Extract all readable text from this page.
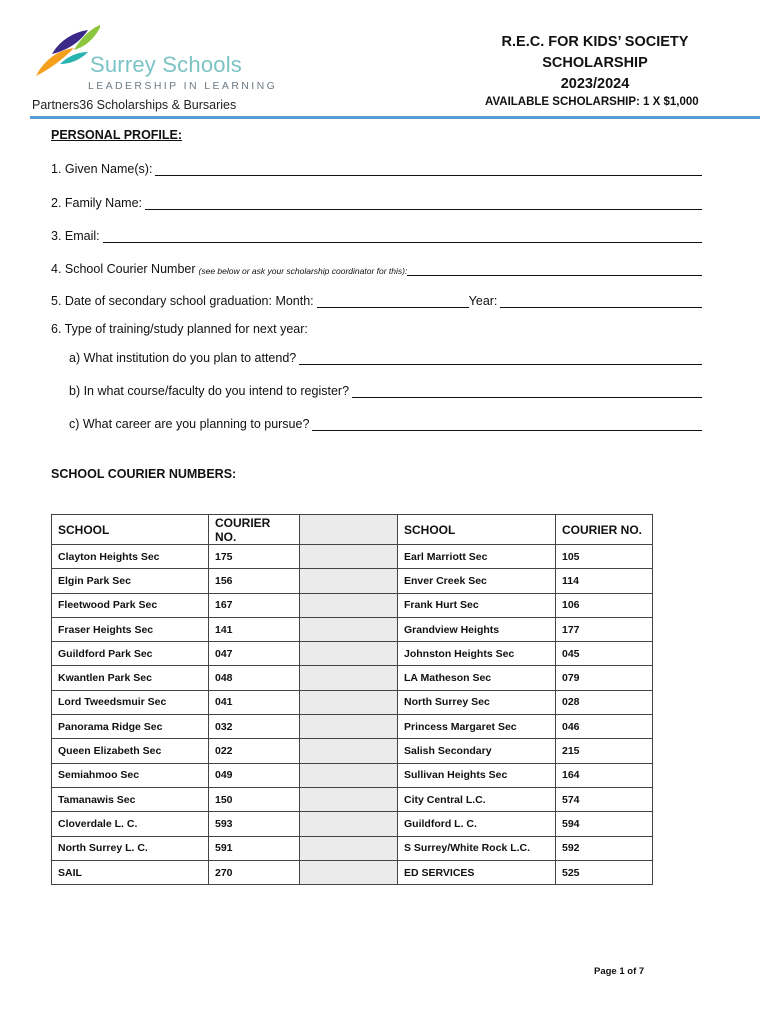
Surrey Schools
LEADERSHIP IN LEARNING
Partners36 Scholarships & Bursaries
R.E.C. FOR KIDS’ SOCIETY
SCHOLARSHIP
2023/2024
AVAILABLE SCHOLARSHIP: 1 X $1,000
PERSONAL PROFILE:
1. Given Name(s):
2. Family Name:
3. Email:
4. School Courier Number (see below or ask your scholarship coordinator for this):
5. Date of secondary school graduation: Month:	Year:
6. Type of training/study planned for next year:
a) What institution do you plan to attend?
b) In what course/faculty do you intend to register?
c) What career are you planning to pursue?
SCHOOL COURIER NUMBERS:
SCHOOL	COURIER NO.		SCHOOL	COURIER NO.
Clayton Heights Sec	175		Earl Marriott Sec	105
Elgin Park Sec	156		Enver Creek Sec	114
Fleetwood Park Sec	167		Frank Hurt Sec	106
Fraser Heights Sec	141		Grandview Heights	177
Guildford Park Sec	047		Johnston Heights Sec	045
Kwantlen Park Sec	048		LA Matheson Sec	079
Lord Tweedsmuir Sec	041		North Surrey Sec	028
Panorama Ridge Sec	032		Princess Margaret Sec	046
Queen Elizabeth Sec	022		Salish Secondary	215
Semiahmoo Sec	049		Sullivan Heights Sec	164
Tamanawis Sec	150		City Central L.C.	574
Cloverdale L. C.	593		Guildford L. C.	594
North Surrey L. C.	591		S Surrey/White Rock L.C.	592
SAIL	270		ED SERVICES	525
Page 1 of 7
